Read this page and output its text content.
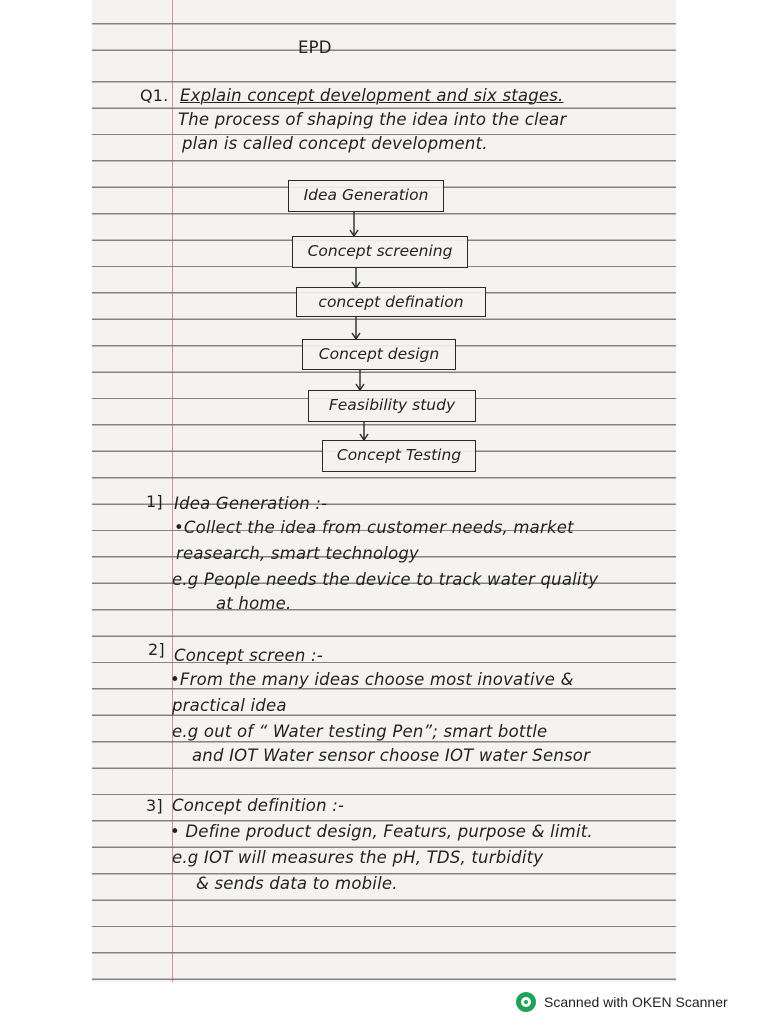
EPD
Q1. Explain concept development and six stages.
The process of shaping the idea into the clear
plan is called concept development.
Idea Generation
Concept screening
concept defination
Concept design
Feasibility study
Concept Testing
1] Idea Generation :-
•Collect the idea from customer needs, market
reasearch, smart technology
e.g People needs the device to track water quality
at home.
2] Concept screen :-
•From the many ideas choose most inovative &
practical idea
e.g out of “ Water testing Pen”; smart bottle
and IOT Water sensor choose IOT water Sensor
3] Concept definition :-
• Define product design, Featurs, purpose & limit.
e.g IOT will measures the pH, TDS, turbidity
& sends data to mobile.
Scanned with OKEN Scanner
